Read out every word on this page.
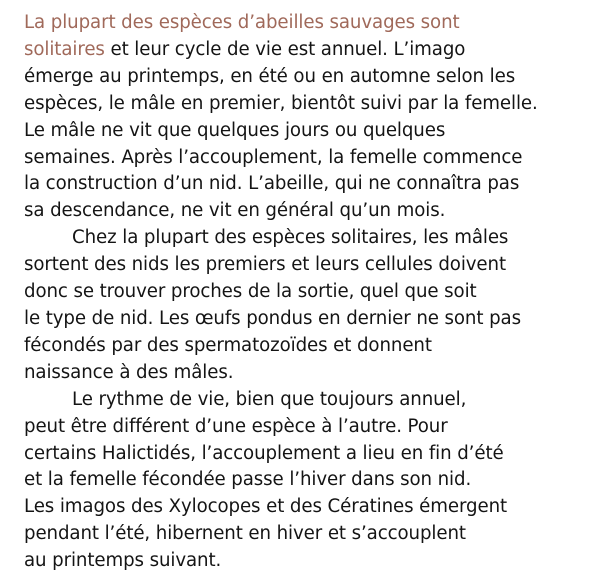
La plupart des espèces d’abeilles sauvages sont
solitaires et leur cycle de vie est annuel. L’imago
émerge au printemps, en été ou en automne selon les
espèces, le mâle en premier, bientôt suivi par la femelle.
Le mâle ne vit que quelques jours ou quelques
semaines. Après l’accouplement, la femelle commence
la construction d’un nid. L’abeille, qui ne connaîtra pas
sa descendance, ne vit en général qu’un mois.
Chez la plupart des espèces solitaires, les mâles
sortent des nids les premiers et leurs cellules doivent
donc se trouver proches de la sortie, quel que soit
le type de nid. Les œufs pondus en dernier ne sont pas
fécondés par des spermatozoïdes et donnent
naissance à des mâles.
Le rythme de vie, bien que toujours annuel,
peut être différent d’une espèce à l’autre. Pour
certains Halictidés, l’accouplement a lieu en fin d’été
et la femelle fécondée passe l’hiver dans son nid.
Les imagos des Xylocopes et des Cératines émergent
pendant l’été, hibernent en hiver et s’accouplent
au printemps suivant.
